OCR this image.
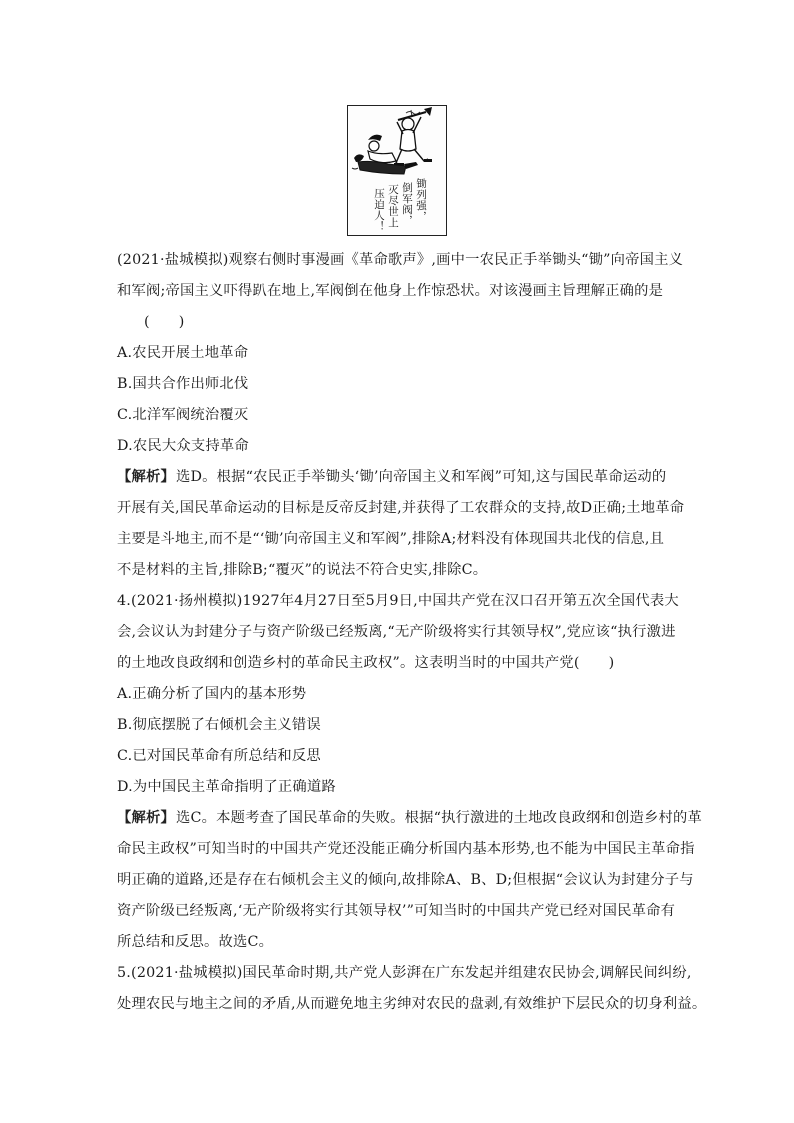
锄列强，
倒军阀，
灭尽世上
压迫人！
(2021·盐城模拟)观察右侧时事漫画《革命歌声》,画中一农民正手举锄头“锄”向帝国主义
和军阀;帝国主义吓得趴在地上,军阀倒在他身上作惊恐状。对该漫画主旨理解正确的是
(　　)
A.农民开展土地革命
B.国共合作出师北伐
C.北洋军阀统治覆灭
D.农民大众支持革命
【解析】选D。根据“农民正手举锄头‘锄’向帝国主义和军阀”可知,这与国民革命运动的
开展有关,国民革命运动的目标是反帝反封建,并获得了工农群众的支持,故D正确;土地革命
主要是斗地主,而不是“‘锄’向帝国主义和军阀”,排除A;材料没有体现国共北伐的信息,且
不是材料的主旨,排除B;“覆灭”的说法不符合史实,排除C。
4.(2021·扬州模拟)1927年4月27日至5月9日,中国共产党在汉口召开第五次全国代表大
会,会议认为封建分子与资产阶级已经叛离,“无产阶级将实行其领导权”,党应该“执行激进
的土地改良政纲和创造乡村的革命民主政权”。这表明当时的中国共产党(　　)
A.正确分析了国内的基本形势
B.彻底摆脱了右倾机会主义错误
C.已对国民革命有所总结和反思
D.为中国民主革命指明了正确道路
【解析】选C。本题考查了国民革命的失败。根据“执行激进的土地改良政纲和创造乡村的革
命民主政权”可知当时的中国共产党还没能正确分析国内基本形势,也不能为中国民主革命指
明正确的道路,还是存在右倾机会主义的倾向,故排除A、B、D;但根据“会议认为封建分子与
资产阶级已经叛离,‘无产阶级将实行其领导权’”可知当时的中国共产党已经对国民革命有
所总结和反思。故选C。
5.(2021·盐城模拟)国民革命时期,共产党人彭湃在广东发起并组建农民协会,调解民间纠纷,
处理农民与地主之间的矛盾,从而避免地主劣绅对农民的盘剥,有效维护下层民众的切身利益。
